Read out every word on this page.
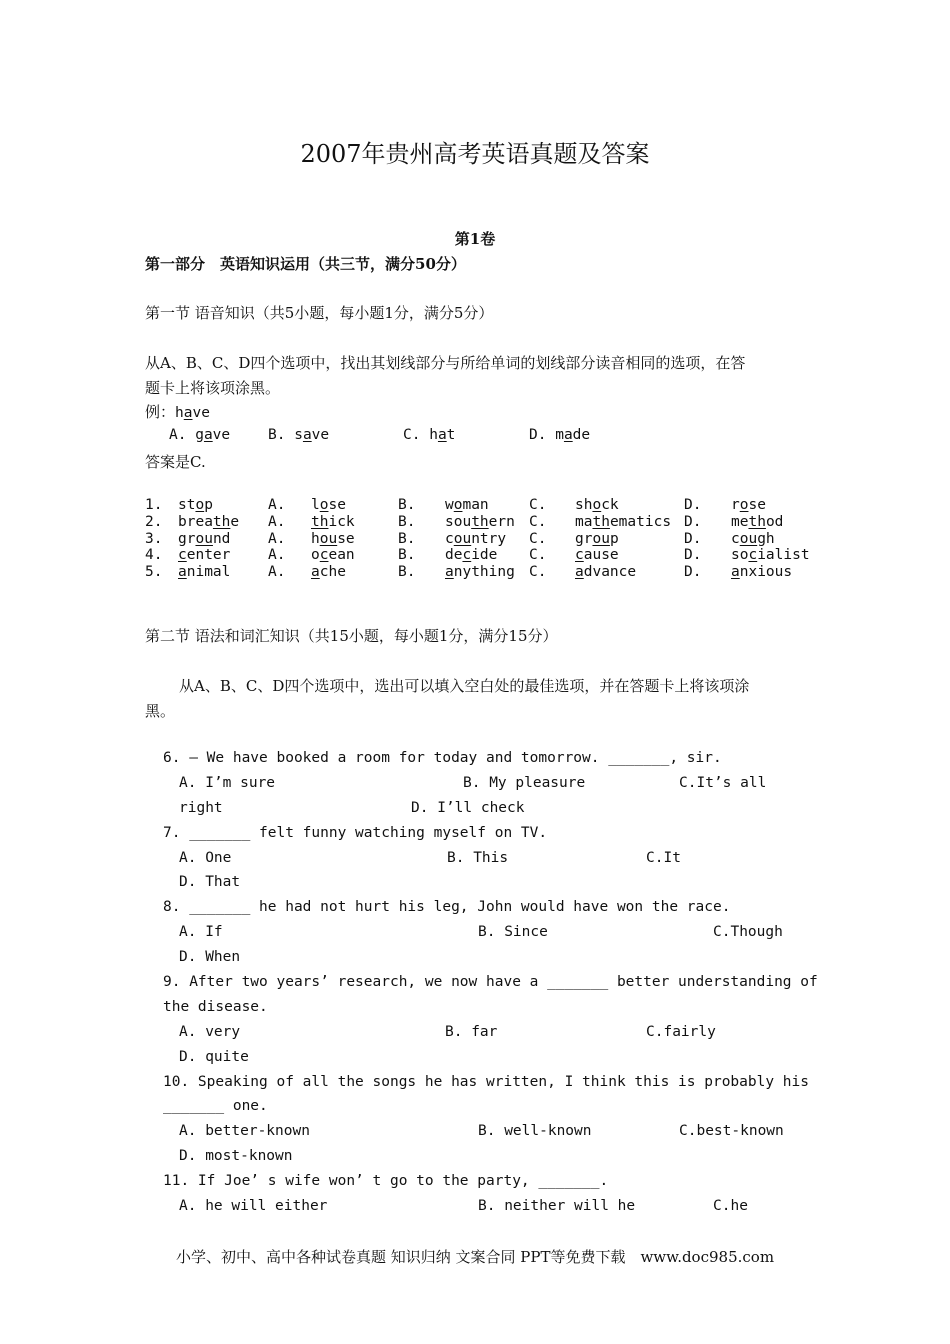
2007年贵州高考英语真题及答案
第1卷
第一部分　英语知识运用（共三节，满分50分）
第一节 语音知识（共5小题，每小题1分，满分5分）
从A、B、C、D四个选项中，找出其划线部分与所给单词的划线部分读音相同的选项，在答
题卡上将该项涂黑。
例：have
A. gave	B. save	C. hat	D. made
答案是C.
1. stop	A. lose	B. woman	C. shock	D. rose
2. breathe A. thick	B. southern C. mathematics D. method
3. ground	A. house	B. country C. group	D. cough
4. center	A. ocean	B. decide C. cause	D. socialist
5. animal	A. ache	B. anything C. advance	D. anxious
第二节 语法和词汇知识（共15小题，每小题1分，满分15分）
从A、B、C、D四个选项中，选出可以填入空白处的最佳选项，并在答题卡上将该项涂
黑。
6. — We have booked a room for today and tomorrow. _______, sir.
A. I’m sure	B. My pleasure	C.It’s all
right	D. I’ll check
7. _______ felt funny watching myself on TV.
A. One	B. This	C.It
D. That
8. _______ he had not hurt his leg, John would have won the race.
A. If	B. Since	C.Though
D. When
9. After two years’ research, we now have a _______ better understanding of
the disease.
A. very	B. far	C.fairly
D. quite
10. Speaking of all the songs he has written, I think this is probably his
_______ one.
A. better-known	B. well-known	C.best-known
D. most-known
11. If Joe’ s wife won’ t go to the party, _______.
A. he will either	B. neither will he	C.he
小学、初中、高中各种试卷真题 知识归纳 文案合同 PPT等免费下载　www.doc985.com
